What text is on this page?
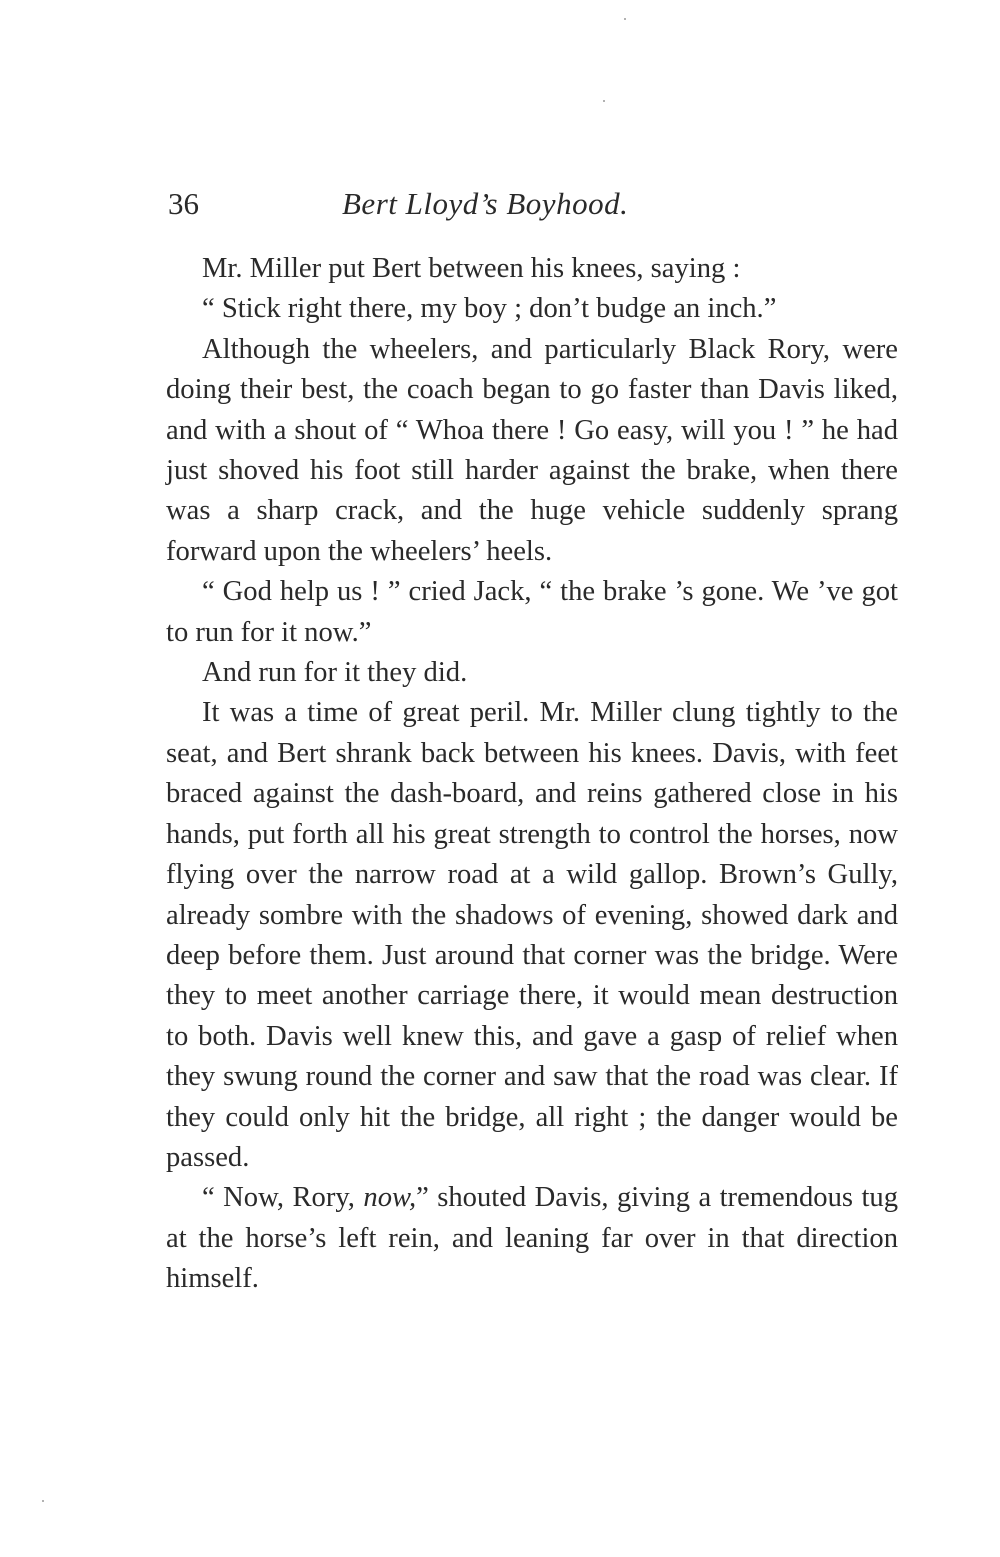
36	Bert Lloyd’s Boyhood.

Mr. Miller put Bert between his knees, saying :

“ Stick right there, my boy ; don’t budge an inch.”

Although the wheelers, and particularly Black Rory, were doing their best, the coach began to go faster than Davis liked, and with a shout of “ Whoa there ! Go easy, will you ! ” he had just shoved his foot still harder against the brake, when there was a sharp crack, and the huge vehicle suddenly sprang forward upon the wheelers’ heels.

“ God help us ! ” cried Jack, “ the brake ’s gone. We ’ve got to run for it now.”

And run for it they did.

It was a time of great peril. Mr. Miller clung tightly to the seat, and Bert shrank back between his knees. Davis, with feet braced against the dash-board, and reins gathered close in his hands, put forth all his great strength to control the horses, now flying over the narrow road at a wild gallop. Brown’s Gully, already sombre with the shadows of evening, showed dark and deep before them. Just around that corner was the bridge. Were they to meet another carriage there, it would mean destruction to both. Davis well knew this, and gave a gasp of relief when they swung round the corner and saw that the road was clear. If they could only hit the bridge, all right ; the danger would be passed.

“ Now, Rory, now,” shouted Davis, giving a tremendous tug at the horse’s left rein, and leaning far over in that direction himself.
